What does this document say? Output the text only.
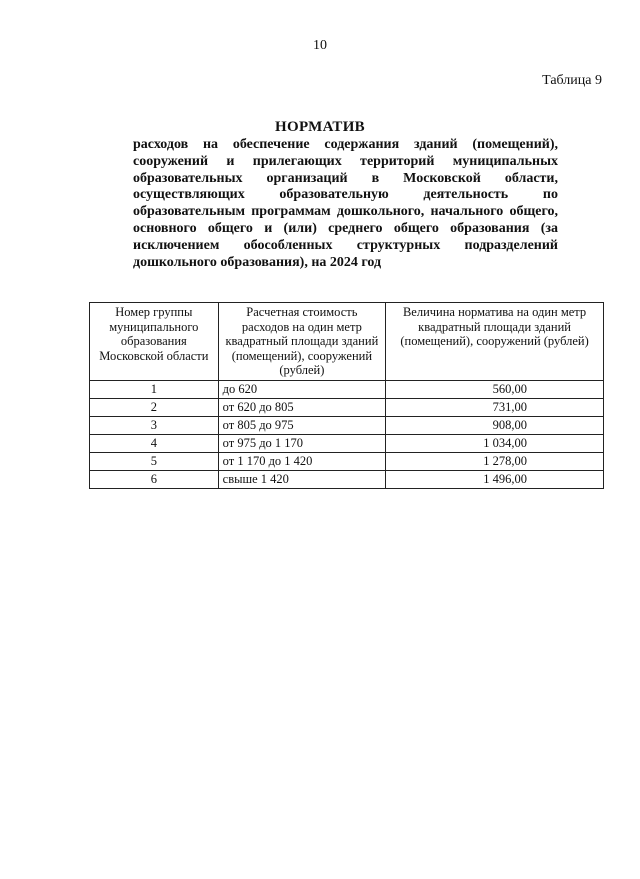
10
Таблица 9
НОРМАТИВ
расходов на обеспечение содержания зданий (помещений), сооружений и прилегающих территорий муниципальных образовательных организаций в Московской области, осуществляющих образовательную деятельность по образовательным программам дошкольного, начального общего, основного общего и (или) среднего общего образования (за исключением обособленных структурных подразделений дошкольного образования), на 2024 год
Номер группы муниципального образования Московской области	Расчетная стоимость расходов на один метр квадратный площади зданий (помещений), сооружений (рублей)	Величина норматива на один метр квадратный площади зданий (помещений), сооружений (рублей)
1	до 620	560,00
2	от 620 до 805	731,00
3	от 805 до 975	908,00
4	от 975 до 1 170	1 034,00
5	от 1 170 до 1 420	1 278,00
6	свыше 1 420	1 496,00
